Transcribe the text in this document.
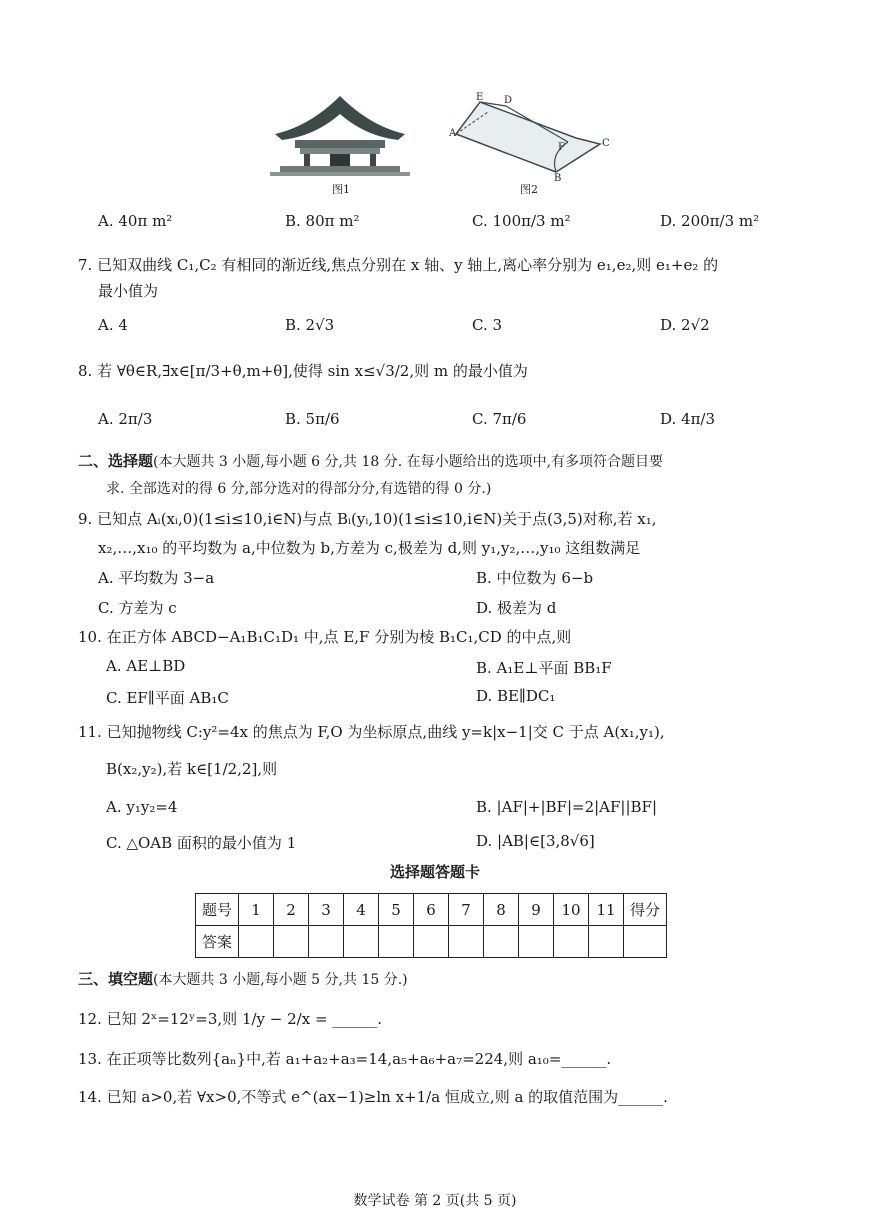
图1
A
E D
F	C
B
图2
A. 40π m²	B. 80π m²	C. 100π/3 m²	D. 200π/3 m²
7. 已知双曲线 C₁,C₂ 有相同的渐近线,焦点分别在 x 轴、y 轴上,离心率分别为 e₁,e₂,则 e₁+e₂ 的
最小值为
A. 4	B. 2√3	C. 3	D. 2√2
8. 若 ∀θ∈R,∃x∈[π/3+θ,m+θ],使得 sin x≤√3/2,则 m 的最小值为
A. 2π/3	B. 5π/6	C. 7π/6	D. 4π/3
二、选择题(本大题共 3 小题,每小题 6 分,共 18 分. 在每小题给出的选项中,有多项符合题目要
求. 全部选对的得 6 分,部分选对的得部分分,有选错的得 0 分.)
9. 已知点 Aᵢ(xᵢ,0)(1≤i≤10,i∈N)与点 Bᵢ(yᵢ,10)(1≤i≤10,i∈N)关于点(3,5)对称,若 x₁,
x₂,…,x₁₀ 的平均数为 a,中位数为 b,方差为 c,极差为 d,则 y₁,y₂,…,y₁₀ 这组数满足
A. 平均数为 3−a	B. 中位数为 6−b
C. 方差为 c	D. 极差为 d
10. 在正方体 ABCD−A₁B₁C₁D₁ 中,点 E,F 分别为棱 B₁C₁,CD 的中点,则
A. AE⊥BD	B. A₁E⊥平面 BB₁F
C. EF∥平面 AB₁C	D. BE∥DC₁
11. 已知抛物线 C:y²=4x 的焦点为 F,O 为坐标原点,曲线 y=k|x−1|交 C 于点 A(x₁,y₁),
B(x₂,y₂),若 k∈[1/2,2],则
A. y₁y₂=4	B. |AF|+|BF|=2|AF||BF|
C. △OAB 面积的最小值为 1	D. |AB|∈[3,8√6]
选择题答题卡
题号	1	2	3	4	5	6	7	8	9	10	11	得分
答案												
三、填空题(本大题共 3 小题,每小题 5 分,共 15 分.)
12. 已知 2ˣ=12ʸ=3,则 1/y − 2/x = ______.
13. 在正项等比数列{aₙ}中,若 a₁+a₂+a₃=14,a₅+a₆+a₇=224,则 a₁₀=______.
14. 已知 a>0,若 ∀x>0,不等式 e^(ax−1)≥ln x+1/a 恒成立,则 a 的取值范围为______.
数学试卷 第 2 页(共 5 页)
